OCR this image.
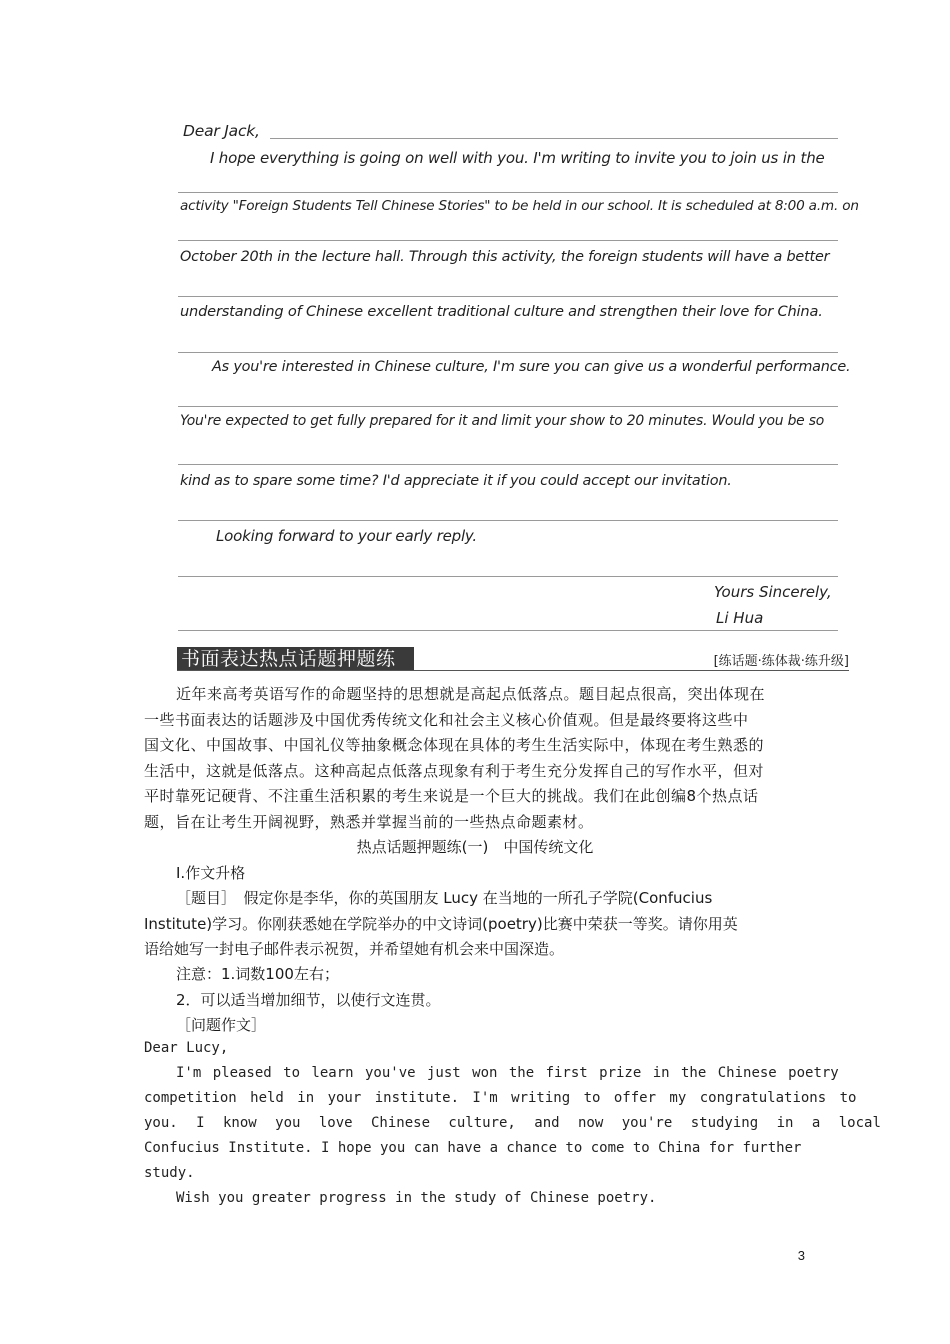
Dear Jack,
I hope everything is going on well with you. I'm writing to invite you to join us in the
activity "Foreign Students Tell Chinese Stories" to be held in our school. It is scheduled at 8:00 a.m. on
October 20th in the lecture hall. Through this activity, the foreign students will have a better
understanding of Chinese excellent traditional culture and strengthen their love for China.
As you're interested in Chinese culture, I'm sure you can give us a wonderful performance.
You're expected to get fully prepared for it and limit your show to 20 minutes. Would you be so
kind as to spare some time? I'd appreciate it if you could accept our invitation.
Looking forward to your early reply.
Yours Sincerely,
Li Hua
书面表达热点话题押题练	[练话题·练体裁·练升级]
近年来高考英语写作的命题坚持的思想就是高起点低落点。题目起点很高，突出体现在
一些书面表达的话题涉及中国优秀传统文化和社会主义核心价值观。但是最终要将这些中
国文化、中国故事、中国礼仪等抽象概念体现在具体的考生生活实际中，体现在考生熟悉的
生活中，这就是低落点。这种高起点低落点现象有利于考生充分发挥自己的写作水平，但对
平时靠死记硬背、不注重生活积累的考生来说是一个巨大的挑战。我们在此创编8个热点话
题，旨在让考生开阔视野，熟悉并掌握当前的一些热点命题素材。
热点话题押题练(一)　中国传统文化
Ⅰ.作文升格
［题目］　假定你是李华，你的英国朋友 Lucy 在当地的一所孔子学院(Confucius
Institute)学习。你刚获悉她在学院举办的中文诗词(poetry)比赛中荣获一等奖。请你用英
语给她写一封电子邮件表示祝贺，并希望她有机会来中国深造。
注意：1.词数100左右；
2．可以适当增加细节，以使行文连贯。
［问题作文］
Dear Lucy,
I'm pleased to learn you've just won the first prize in the Chinese poetry
competition held in your institute. I'm writing to offer my congratulations to
you. I know you love Chinese culture, and now you're studying in a local
Confucius Institute. I hope you can have a chance to come to China for further
study.
Wish you greater progress in the study of Chinese poetry.
3
